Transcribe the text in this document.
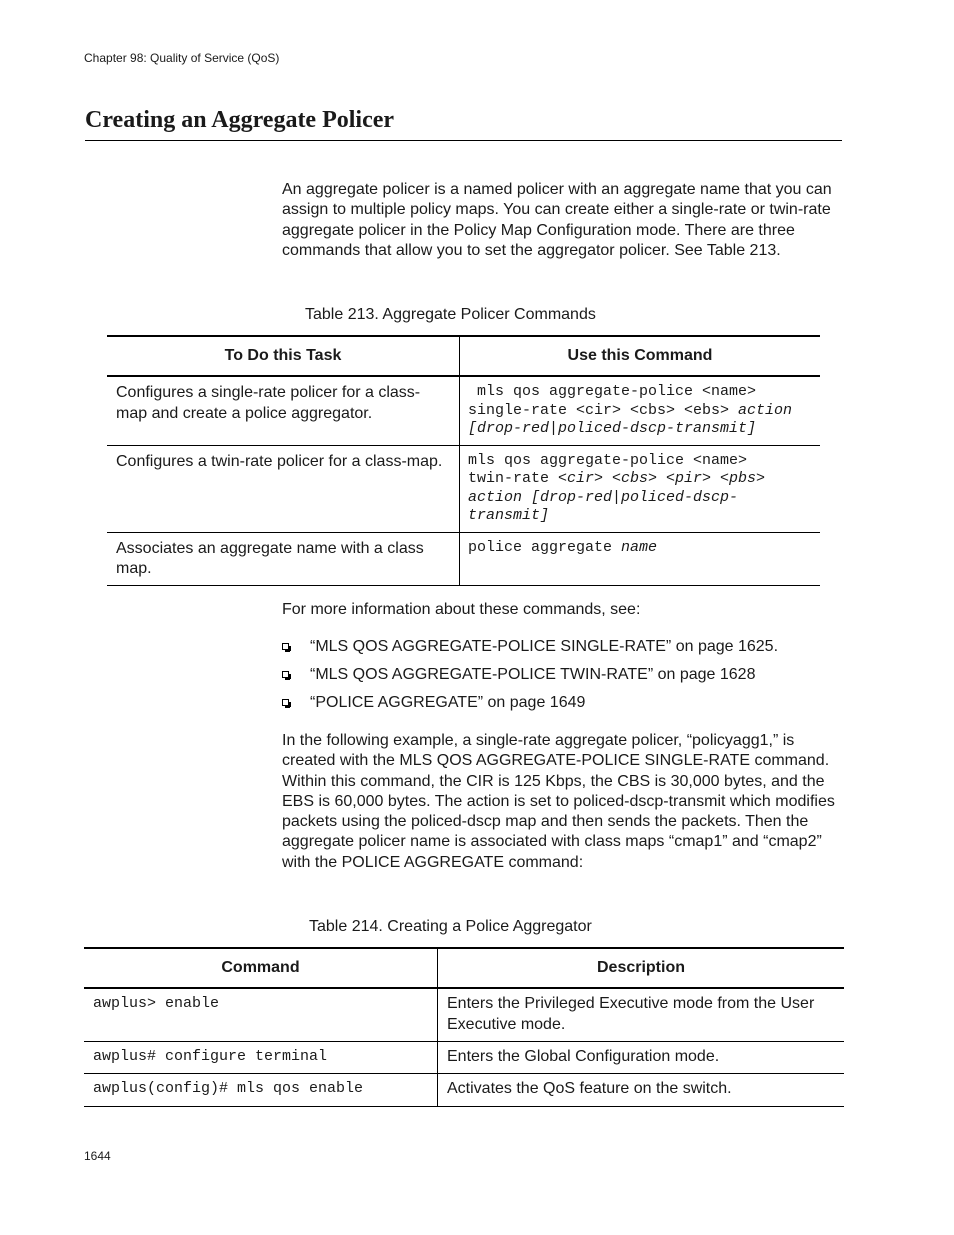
Chapter 98: Quality of Service (QoS)
Creating an Aggregate Policer
An aggregate policer is a named policer with an aggregate name that you can assign to multiple policy maps. You can create either a single-rate or twin-rate aggregate policer in the Policy Map Configuration mode. There are three commands that allow you to set the aggregator policer. See Table 213.
Table 213. Aggregate Policer Commands
To Do this Task	Use this Command

Configures a single-rate policer for a class-map and create a police aggregator.	mls qos aggregate-police <name>
single-rate <cir> <cbs> <ebs> action
[drop-red|policed-dscp-transmit]

Configures a twin-rate policer for a class-map.	mls qos aggregate-police <name>
twin-rate <cir> <cbs> <pir> <pbs>
action [drop-red|policed-dscp-
transmit]

Associates an aggregate name with a class map.	police aggregate name
For more information about these commands, see:
“MLS QOS AGGREGATE-POLICE SINGLE-RATE” on page 1625.
“MLS QOS AGGREGATE-POLICE TWIN-RATE” on page 1628
“POLICE AGGREGATE” on page 1649
In the following example, a single-rate aggregate policer, “policyagg1,” is created with the MLS QOS AGGREGATE-POLICE SINGLE-RATE command. Within this command, the CIR is 125 Kbps, the CBS is 30,000 bytes, and the EBS is 60,000 bytes. The action is set to policed-dscp-transmit which modifies packets using the policed-dscp map and then sends the packets. Then the aggregate policer name is associated with class maps “cmap1” and “cmap2” with the POLICE AGGREGATE command:
Table 214. Creating a Police Aggregator
Command	Description

awplus> enable	Enters the Privileged Executive mode from the User Executive mode.

awplus# configure terminal	Enters the Global Configuration mode.

awplus(config)# mls qos enable	Activates the QoS feature on the switch.
1644
